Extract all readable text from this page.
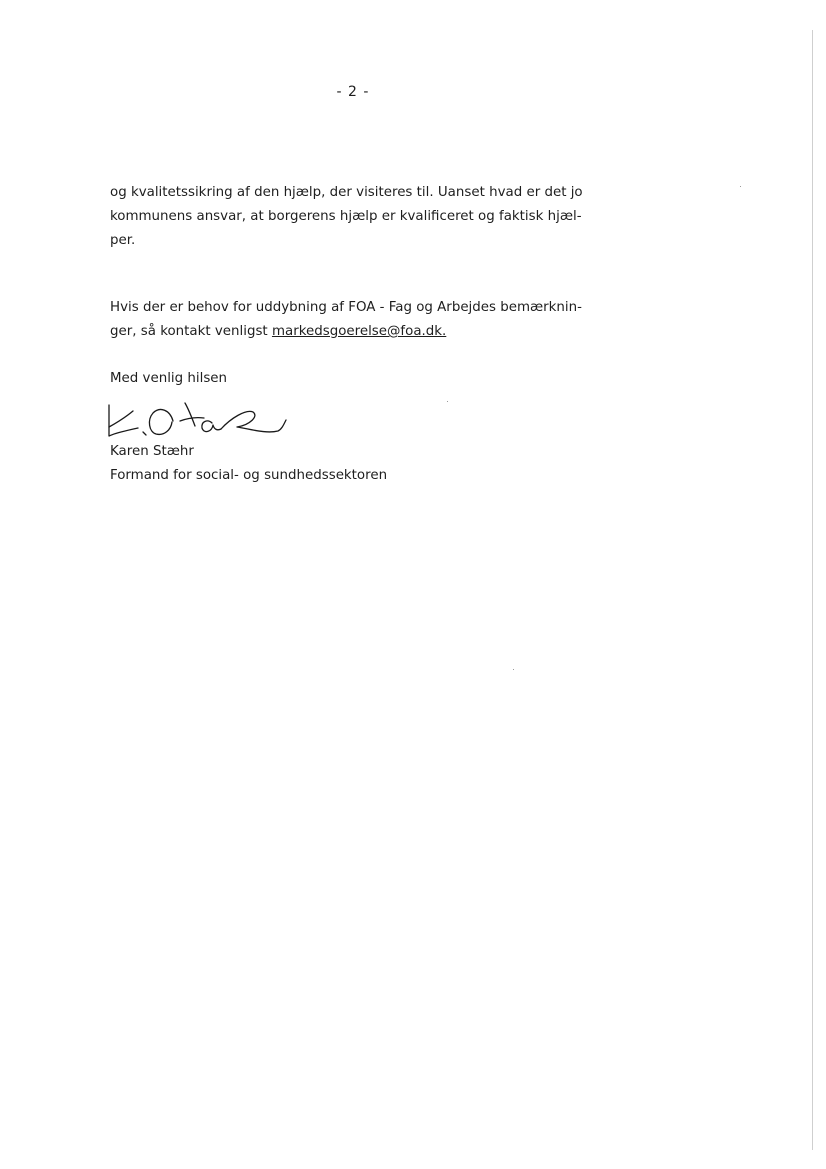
- 2 -

og kvalitetssikring af den hjælp, der visiteres til. Uanset hvad er det jo
kommunens ansvar, at borgerens hjælp er kvalificeret og faktisk hjæl-
per.

Hvis der er behov for uddybning af FOA - Fag og Arbejdes bemærknin-
ger, så kontakt venligst markedsgoerelse@foa.dk.

Med venlig hilsen
Karen Stæhr
Formand for social- og sundhedssektoren
